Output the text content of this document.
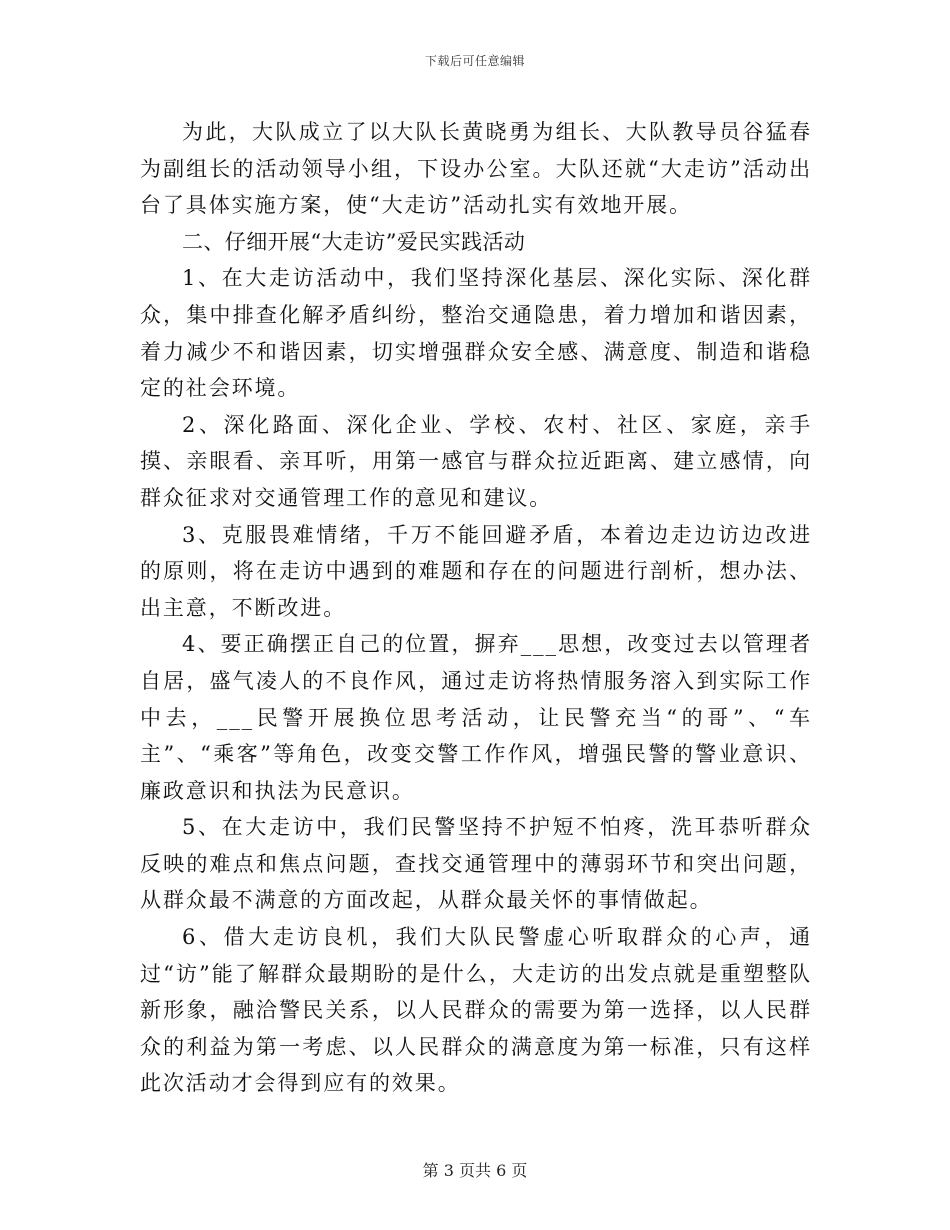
下载后可任意编辑

为此，大队成立了以大队长黄晓勇为组长、大队教导员谷猛春为副组长的活动领导小组，下设办公室。大队还就“大走访”活动出台了具体实施方案，使“大走访”活动扎实有效地开展。

二、仔细开展“大走访”爱民实践活动

1、在大走访活动中，我们坚持深化基层、深化实际、深化群众，集中排查化解矛盾纠纷，整治交通隐患，着力增加和谐因素，着力减少不和谐因素，切实增强群众安全感、满意度、制造和谐稳定的社会环境。

2、深化路面、深化企业、学校、农村、社区、家庭，亲手摸、亲眼看、亲耳听，用第一感官与群众拉近距离、建立感情，向群众征求对交通管理工作的意见和建议。

3、克服畏难情绪，千万不能回避矛盾，本着边走边访边改进的原则，将在走访中遇到的难题和存在的问题进行剖析，想办法、出主意，不断改进。

4、要正确摆正自己的位置，摒弃___思想，改变过去以管理者自居，盛气凌人的不良作风，通过走访将热情服务溶入到实际工作中去，___民警开展换位思考活动，让民警充当“的哥”、“车主”、“乘客”等角色，改变交警工作作风，增强民警的警业意识、廉政意识和执法为民意识。

5、在大走访中，我们民警坚持不护短不怕疼，洗耳恭听群众反映的难点和焦点问题，查找交通管理中的薄弱环节和突出问题，从群众最不满意的方面改起，从群众最关怀的事情做起。

6、借大走访良机，我们大队民警虚心听取群众的心声，通过“访”能了解群众最期盼的是什么，大走访的出发点就是重塑整队新形象，融洽警民关系，以人民群众的需要为第一选择，以人民群众的利益为第一考虑、以人民群众的满意度为第一标准，只有这样此次活动才会得到应有的效果。

第 3 页共 6 页
